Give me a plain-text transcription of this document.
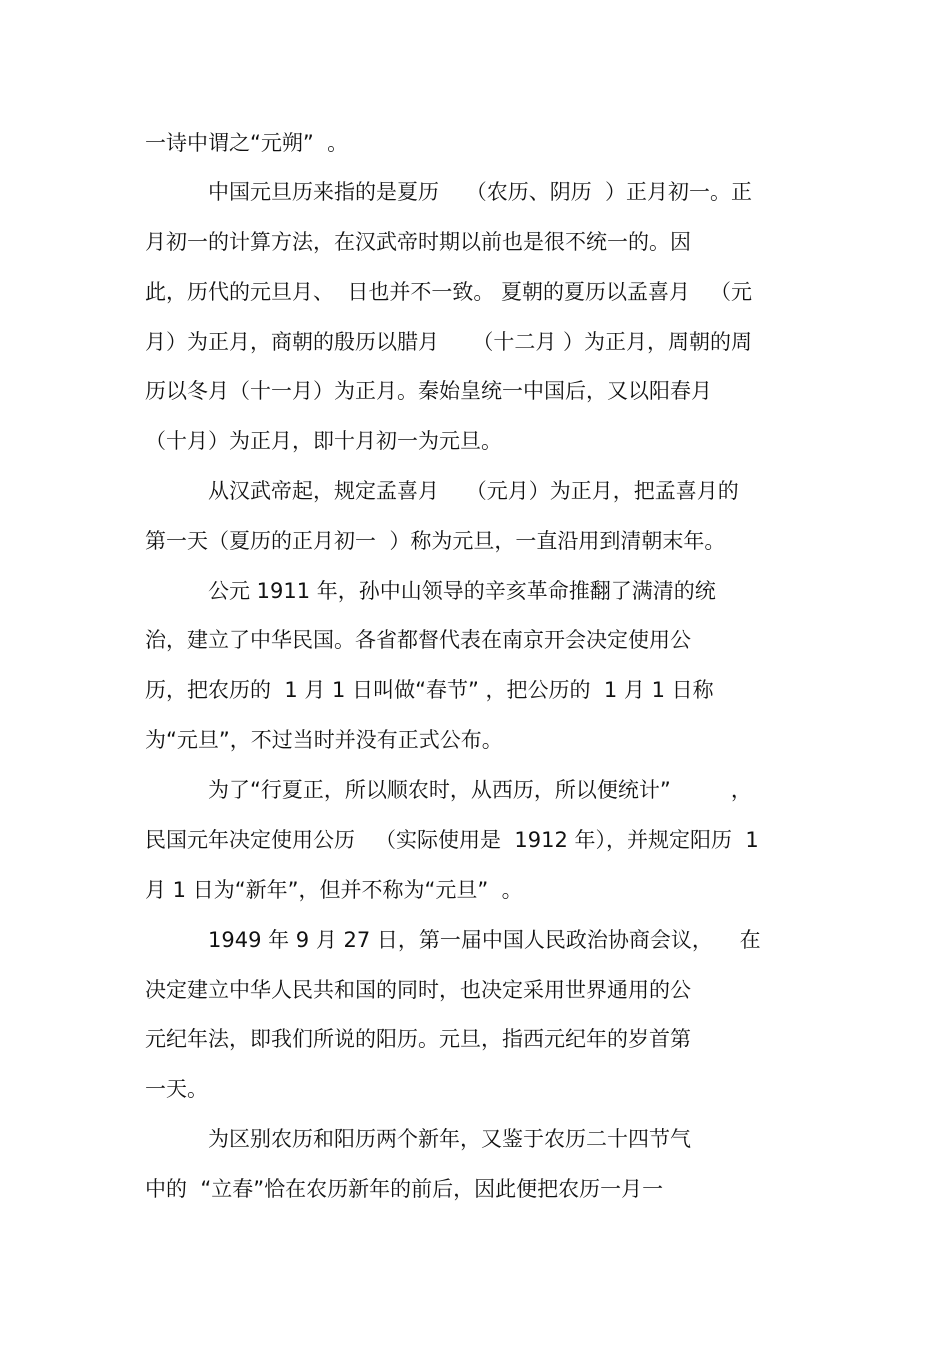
一诗中谓之“元朔”  。

中国元旦历来指的是夏历    （农历、阴历  ）正月初一。正

月初一的计算方法，在汉武帝时期以前也是很不统一的。因

此，历代的元旦月、  日也并不一致。 夏朝的夏历以孟喜月   （元

月）为正月，商朝的殷历以腊月     （十二月 ）为正月，周朝的周

历以冬月（十一月）为正月。秦始皇统一中国后，又以阳春月

（十月）为正月，即十月初一为元旦。

从汉武帝起，规定孟喜月    （元月）为正月，把孟喜月的

第一天（夏历的正月初一  ）称为元旦，一直沿用到清朝末年。

公元 1911 年，孙中山领导的辛亥革命推翻了满清的统

治，建立了中华民国。各省都督代表在南京开会决定使用公

历，把农历的  1 月 1 日叫做“春节” ，把公历的  1 月 1 日称

为“元旦”，不过当时并没有正式公布。

为了“行夏正，所以顺农时，从西历，所以便统计”         ，

民国元年决定使用公历   （实际使用是  1912 年），并规定阳历  1

月 1 日为“新年”，但并不称为“元旦”  。

1949 年 9 月 27 日，第一届中国人民政治协商会议，    在

决定建立中华人民共和国的同时，也决定采用世界通用的公

元纪年法，即我们所说的阳历。元旦，指西元纪年的岁首第

一天。

为区别农历和阳历两个新年，又鉴于农历二十四节气

中的  “立春”恰在农历新年的前后，因此便把农历一月一
